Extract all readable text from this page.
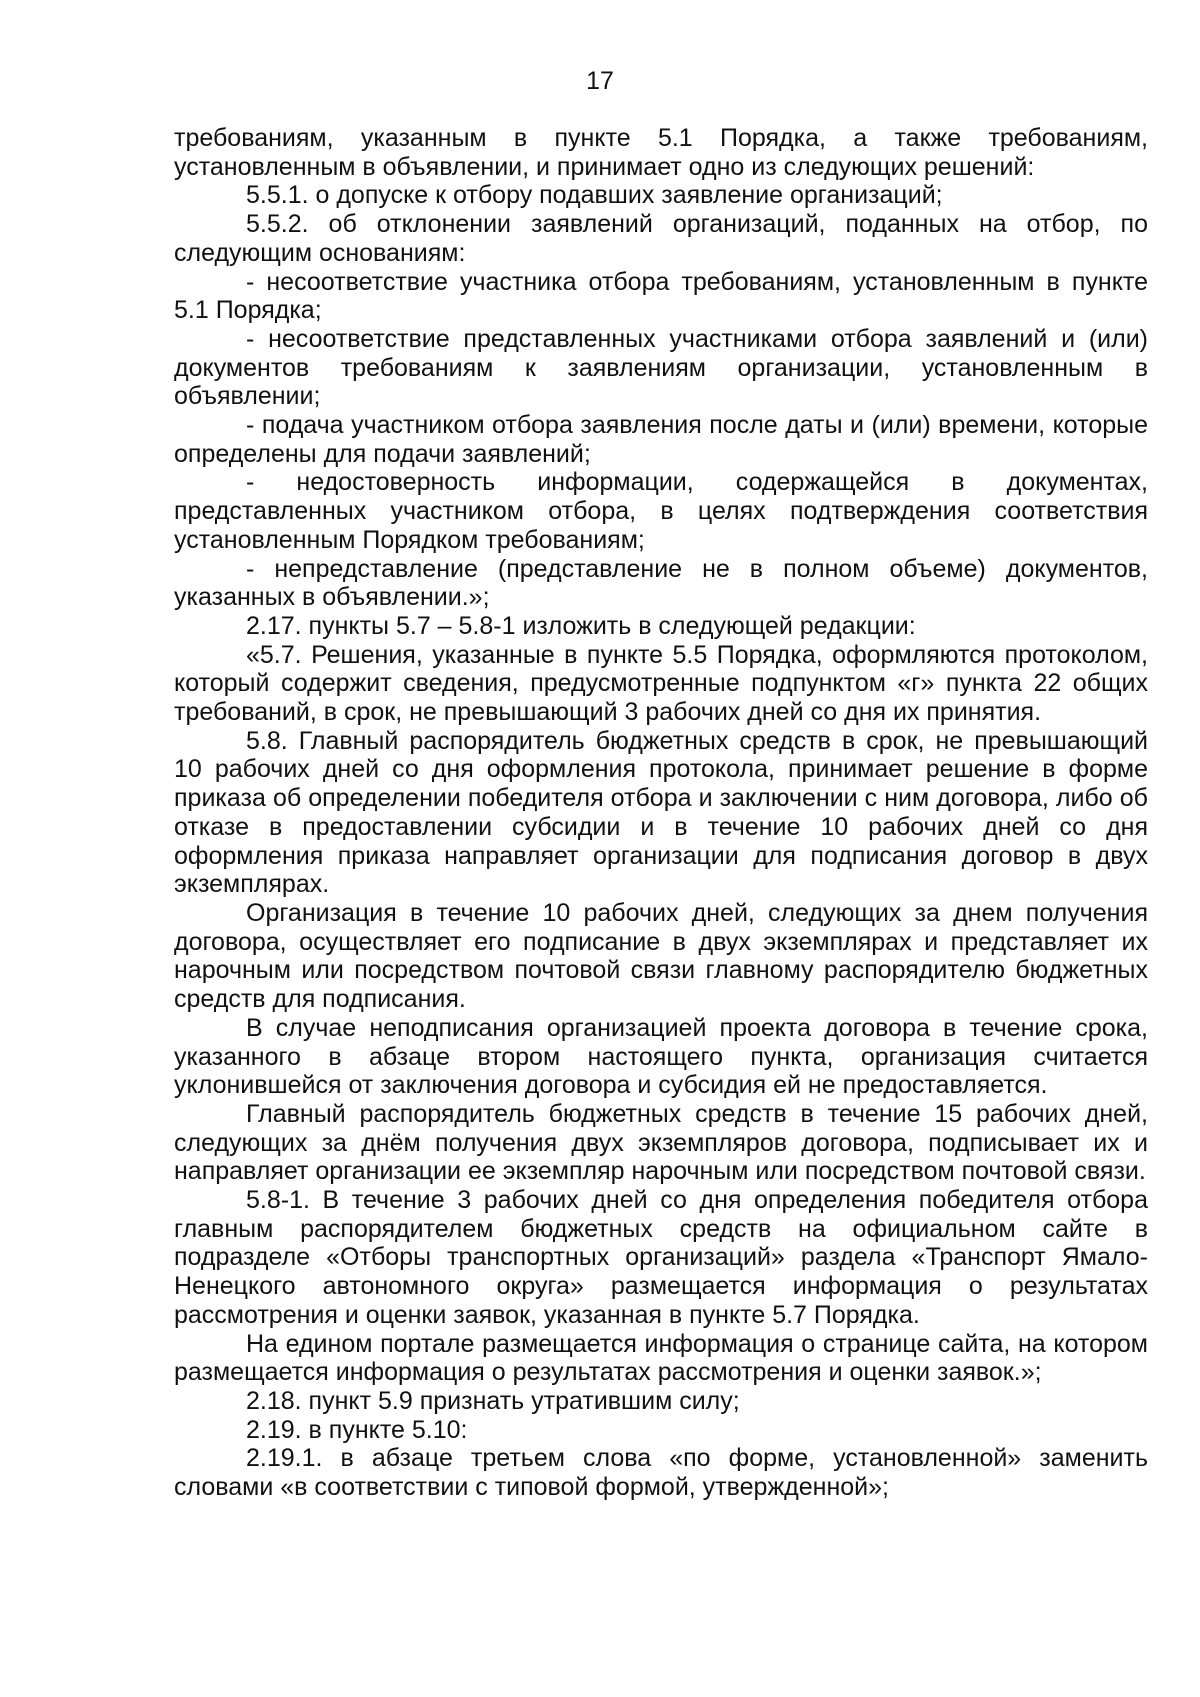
17

требованиям, указанным в пункте 5.1 Порядка, а также требованиям, установленным в объявлении, и принимает одно из следующих решений:

5.5.1. о допуске к отбору подавших заявление организаций;

5.5.2. об отклонении заявлений организаций, поданных на отбор, по следующим основаниям:

- несоответствие участника отбора требованиям, установленным в пункте 5.1 Порядка;

- несоответствие представленных участниками отбора заявлений и (или) документов требованиям к заявлениям организации, установленным в объявлении;

- подача участником отбора заявления после даты и (или) времени, которые определены для подачи заявлений;

- недостоверность информации, содержащейся в документах, представленных участником отбора, в целях подтверждения соответствия установленным Порядком требованиям;

- непредставление (представление не в полном объеме) документов, указанных в объявлении.»;

2.17. пункты 5.7 – 5.8-1 изложить в следующей редакции:

«5.7. Решения, указанные в пункте 5.5 Порядка, оформляются протоколом, который содержит сведения, предусмотренные подпунктом «г» пункта 22 общих требований, в срок, не превышающий 3 рабочих дней со дня их принятия.

5.8. Главный распорядитель бюджетных средств в срок, не превышающий 10 рабочих дней со дня оформления протокола, принимает решение в форме приказа об определении победителя отбора и заключении с ним договора, либо об отказе в предоставлении субсидии и в течение 10 рабочих дней со дня оформления приказа направляет организации для подписания договор в двух экземплярах.

Организация в течение 10 рабочих дней, следующих за днем получения договора, осуществляет его подписание в двух экземплярах и представляет их нарочным или посредством почтовой связи главному распорядителю бюджетных средств для подписания.

В случае неподписания организацией проекта договора в течение срока, указанного в абзаце втором настоящего пункта, организация считается уклонившейся от заключения договора и субсидия ей не предоставляется.

Главный распорядитель бюджетных средств в течение 15 рабочих дней, следующих за днём получения двух экземпляров договора, подписывает их и направляет организации ее экземпляр нарочным или посредством почтовой связи.

5.8-1. В течение 3 рабочих дней со дня определения победителя отбора главным распорядителем бюджетных средств на официальном сайте в подразделе «Отборы транспортных организаций» раздела «Транспорт Ямало-Ненецкого автономного округа» размещается информация о результатах рассмотрения и оценки заявок, указанная в пункте 5.7 Порядка.

На едином портале размещается информация о странице сайта, на котором размещается информация о результатах рассмотрения и оценки заявок.»;

2.18. пункт 5.9 признать утратившим силу;

2.19. в пункте 5.10:

2.19.1. в абзаце третьем слова «по форме, установленной» заменить словами «в соответствии с типовой формой, утвержденной»;
